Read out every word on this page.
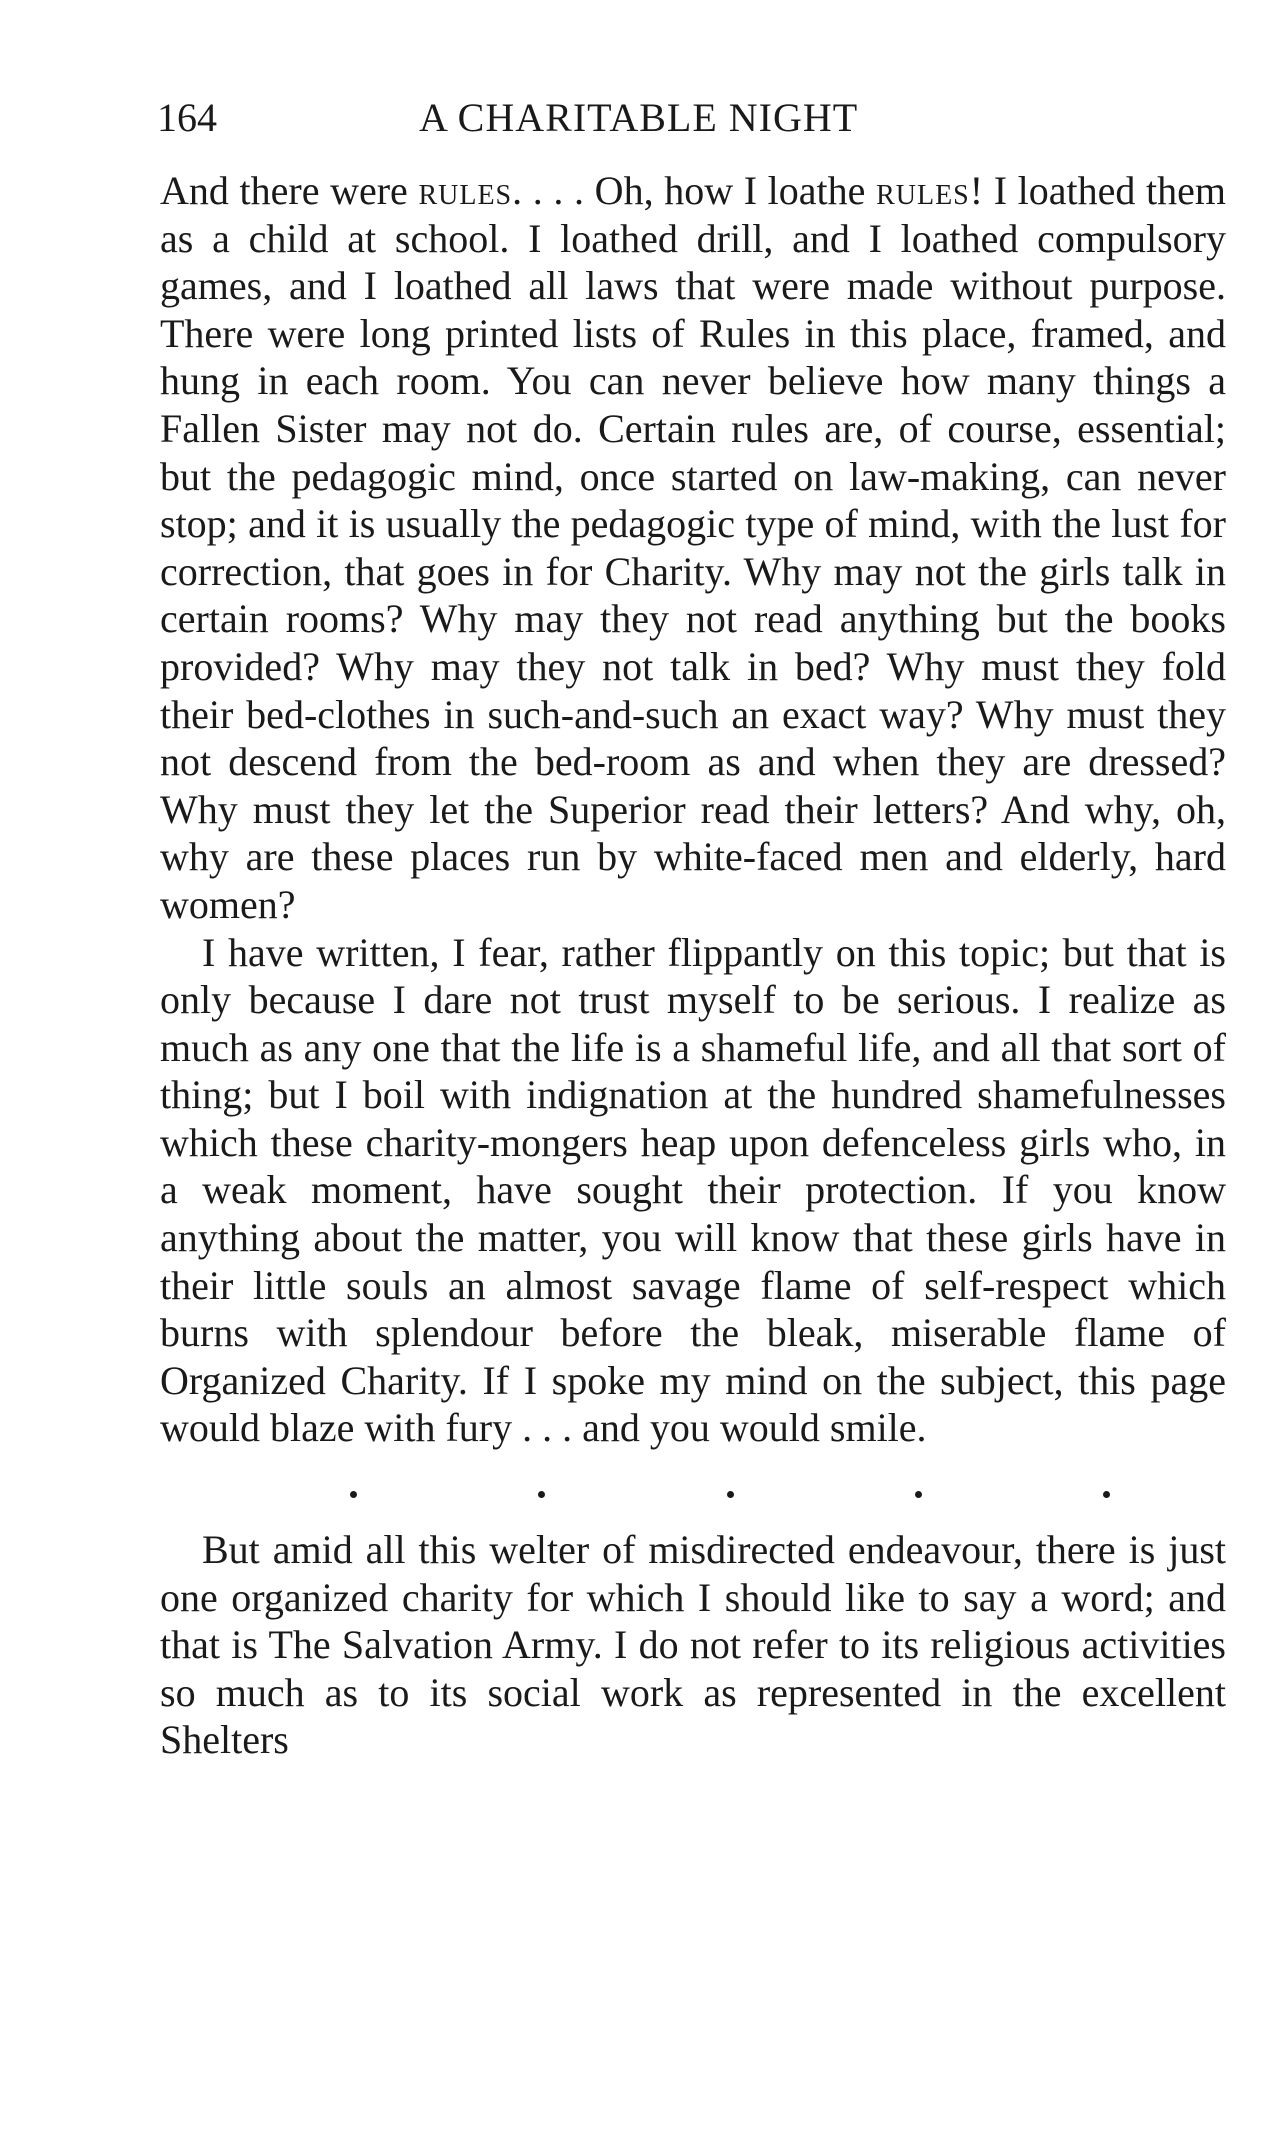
164	A CHARITABLE NIGHT

And there were rules. . . . Oh, how I loathe rules! I loathed them as a child at school. I loathed drill, and I loathed compulsory games, and I loathed all laws that were made without purpose. There were long printed lists of Rules in this place, framed, and hung in each room. You can never believe how many things a Fallen Sister may not do. Certain rules are, of course, essential; but the pedagogic mind, once started on law-making, can never stop; and it is usually the pedagogic type of mind, with the lust for correction, that goes in for Charity. Why may not the girls talk in certain rooms? Why may they not read anything but the books provided? Why may they not talk in bed? Why must they fold their bed-clothes in such-and-such an exact way? Why must they not descend from the bed-room as and when they are dressed? Why must they let the Superior read their letters? And why, oh, why are these places run by white-faced men and elderly, hard women?

I have written, I fear, rather flippantly on this topic; but that is only because I dare not trust myself to be serious. I realize as much as any one that the life is a shameful life, and all that sort of thing; but I boil with indignation at the hundred shamefulnesses which these charity-mongers heap upon defenceless girls who, in a weak moment, have sought their protection. If you know anything about the matter, you will know that these girls have in their little souls an almost savage flame of self-respect which burns with splendour before the bleak, miserable flame of Organized Charity. If I spoke my mind on the subject, this page would blaze with fury . . . and you would smile.

But amid all this welter of misdirected endeavour, there is just one organized charity for which I should like to say a word; and that is The Salvation Army. I do not refer to its religious activities so much as to its social work as represented in the excellent Shelters
